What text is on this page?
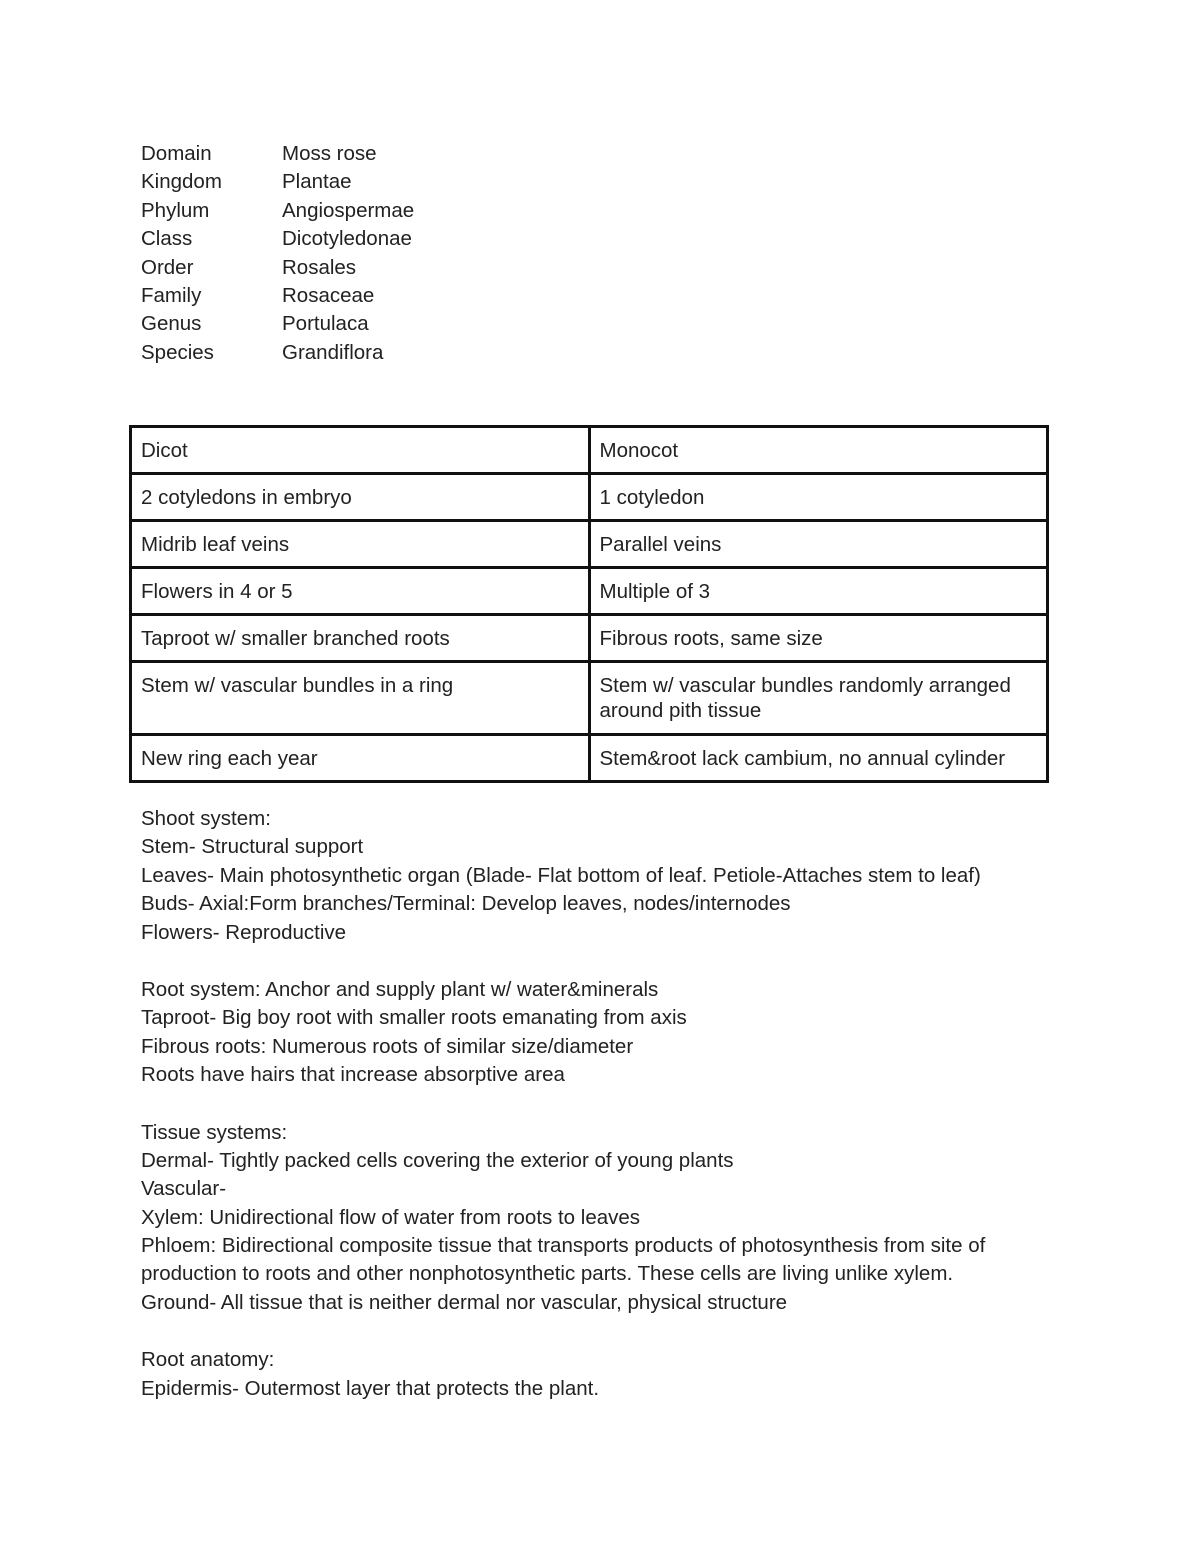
Domain	Moss rose
Kingdom	Plantae
Phylum	Angiospermae
Class	Dicotyledonae
Order	Rosales
Family	Rosaceae
Genus	Portulaca
Species	Grandiflora
Dicot	Monocot
2 cotyledons in embryo	1 cotyledon
Midrib leaf veins	Parallel veins
Flowers in 4 or 5	Multiple of 3
Taproot w/ smaller branched roots	Fibrous roots, same size
Stem w/ vascular bundles in a ring	Stem w/ vascular bundles randomly arranged around pith tissue
New ring each year	Stem&root lack cambium, no annual cylinder
Shoot system:
Stem- Structural support
Leaves- Main photosynthetic organ (Blade- Flat bottom of leaf. Petiole-Attaches stem to leaf)
Buds- Axial:Form branches/Terminal: Develop leaves, nodes/internodes
Flowers- Reproductive
Root system: Anchor and supply plant w/ water&minerals
Taproot- Big boy root with smaller roots emanating from axis
Fibrous roots: Numerous roots of similar size/diameter
Roots have hairs that increase absorptive area
Tissue systems:
Dermal- Tightly packed cells covering the exterior of young plants
Vascular-
Xylem: Unidirectional flow of water from roots to leaves
Phloem: Bidirectional composite tissue that transports products of photosynthesis from site of
production to roots and other nonphotosynthetic parts. These cells are living unlike xylem.
Ground- All tissue that is neither dermal nor vascular, physical structure
Root anatomy:
Epidermis- Outermost layer that protects the plant.
